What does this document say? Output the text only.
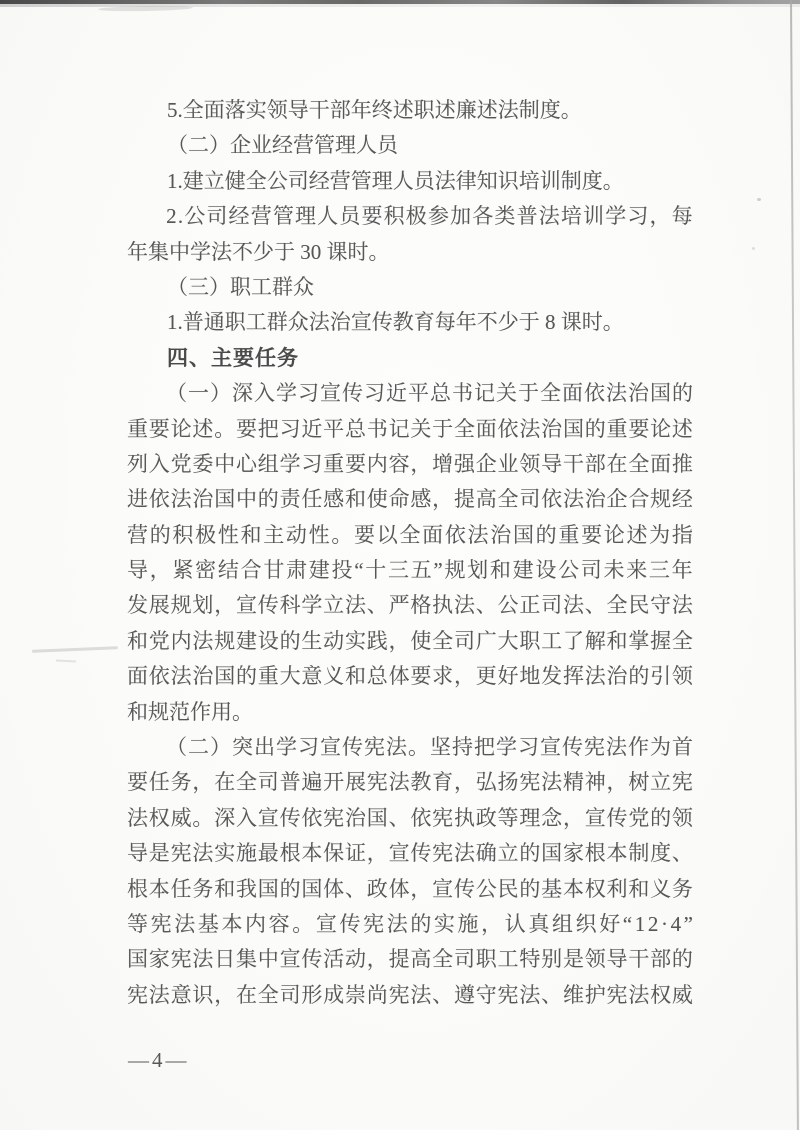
5.全面落实领导干部年终述职述廉述法制度。
（二）企业经营管理人员
1.建立健全公司经营管理人员法律知识培训制度。
2 . 公 司 经 营 管 理 人 员 要 积 极 参 加 各 类 普 法 培 训 学 习 ， 每
年集中学法不少于 30 课时。
（三）职工群众
1.普通职工群众法治宣传教育每年不少于 8 课时。
四、主要任务
（ 一 ） 深 入 学 习 宣 传 习 近 平 总 书 记 关 于 全 面 依 法 治 国 的
重 要 论 述 。 要 把 习 近 平 总 书 记 关 于 全 面 依 法 治 国 的 重 要 论 述
列 入 党 委 中 心 组 学 习 重 要 内 容 ， 增 强 企 业 领 导 干 部 在 全 面 推
进 依 法 治 国 中 的 责 任 感 和 使 命 感 ， 提 高 全 司 依 法 治 企 合 规 经
营 的 积 极 性 和 主 动 性 。 要 以 全 面 依 法 治 国 的 重 要 论 述 为 指
导 ， 紧 密 结 合 甘 肃 建 投 “ 十 三 五 ” 规 划 和 建 设 公 司 未 来 三 年
发 展 规 划 ， 宣 传 科 学 立 法 、 严 格 执 法 、 公 正 司 法 、 全 民 守 法
和 党 内 法 规 建 设 的 生 动 实 践 ， 使 全 司 广 大 职 工 了 解 和 掌 握 全
面 依 法 治 国 的 重 大 意 义 和 总 体 要 求 ， 更 好 地 发 挥 法 治 的 引 领
和规范作用。
（ 二 ） 突 出 学 习 宣 传 宪 法 。 坚 持 把 学 习 宣 传 宪 法 作 为 首
要 任 务 ， 在 全 司 普 遍 开 展 宪 法 教 育 ， 弘 扬 宪 法 精 神 ， 树 立 宪
法 权 威 。 深 入 宣 传 依 宪 治 国 、 依 宪 执 政 等 理 念 ， 宣 传 党 的 领
导 是 宪 法 实 施 最 根 本 保 证 ， 宣 传 宪 法 确 立 的 国 家 根 本 制 度 、
根 本 任 务 和 我 国 的 国 体 、 政 体 ， 宣 传 公 民 的 基 本 权 利 和 义 务
等 宪 法 基 本 内 容 。 宣 传 宪 法 的 实 施 ， 认 真 组 织 好 “ 1 2 · 4 ”
国 家 宪 法 日 集 中 宣 传 活 动 ， 提 高 全 司 职 工 特 别 是 领 导 干 部 的
宪 法 意 识 ， 在 全 司 形 成 崇 尚 宪 法 、 遵 守 宪 法 、 维 护 宪 法 权 威
—4—
